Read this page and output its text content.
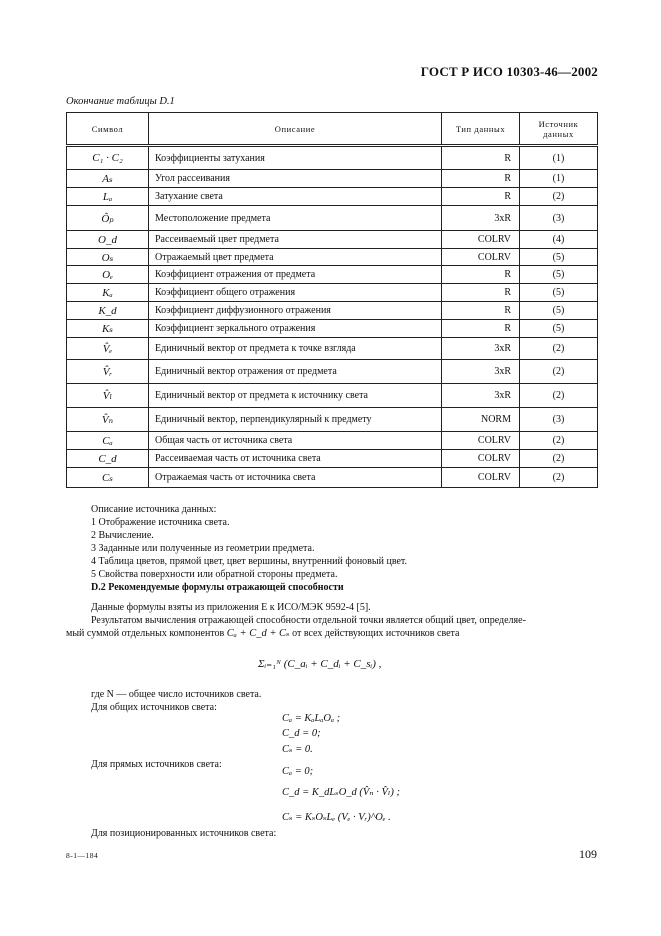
ГОСТ Р ИСО 10303-46—2002
Окончание таблицы D.1
Символ	Описание	Тип данных	Источник данных
C₁ · C₂	Коэффициенты затухания	R	(1)
Aₛ	Угол рассеивания	R	(1)
Lₐ	Затухание света	R	(2)
Ôₚ	Местоположение предмета	3xR	(3)
O_d	Рассеиваемый цвет предмета	COLRV	(4)
Oₛ	Отражаемый цвет предмета	COLRV	(5)
Oₑ	Коэффициент отражения от предмета	R	(5)
Kₐ	Коэффициент общего отражения	R	(5)
K_d	Коэффициент диффузионного отражения	R	(5)
Kₛ	Коэффициент зеркального отражения	R	(5)
V̂ₑ	Единичный вектор от предмета к точке взгляда	3xR	(2)
V̂ᵣ	Единичный вектор отражения от предмета	3xR	(2)
V̂ₗ	Единичный вектор от предмета к источнику света	3xR	(2)
V̂ₙ	Единичный вектор, перпендикулярный к предмету	NORM	(3)
Cₐ	Общая часть от источника света	COLRV	(2)
C_d	Рассеиваемая часть от источника света	COLRV	(2)
Cₛ	Отражаемая часть от источника света	COLRV	(2)
Описание источника данных:
1 Отображение источника света.
2 Вычисление.
3 Заданные или полученные из геометрии предмета.
4 Таблица цветов, прямой цвет, цвет вершины, внутренний фоновый цвет.
5 Свойства поверхности или обратной стороны предмета.
D.2 Рекомендуемые формулы отражающей способности
Данные формулы взяты из приложения Е к ИСО/МЭК 9592-4 [5].
Результатом вычисления отражающей способности отдельной точки является общий цвет, определяе-
мый суммой отдельных компонентов Cₐ + C_d + Cₛ от всех действующих источников света
Σᵢ₌₁ᴺ (C_aᵢ + C_dᵢ + C_sᵢ) ,
где N — общее число источников света.
Для общих источников света:
Cₐ = KₐLₐOₐ ;
C_d = 0;
Cₛ = 0.
Для прямых источников света:
Cₐ = 0;
C_d = K_dLₛO_d (V̂ₙ · V̂ₗ) ;
Cₛ = KₛOₛLₑ (Vₑ · Vᵣ)^Oₑ .
Для позиционированных источников света:
8-1—184	109
